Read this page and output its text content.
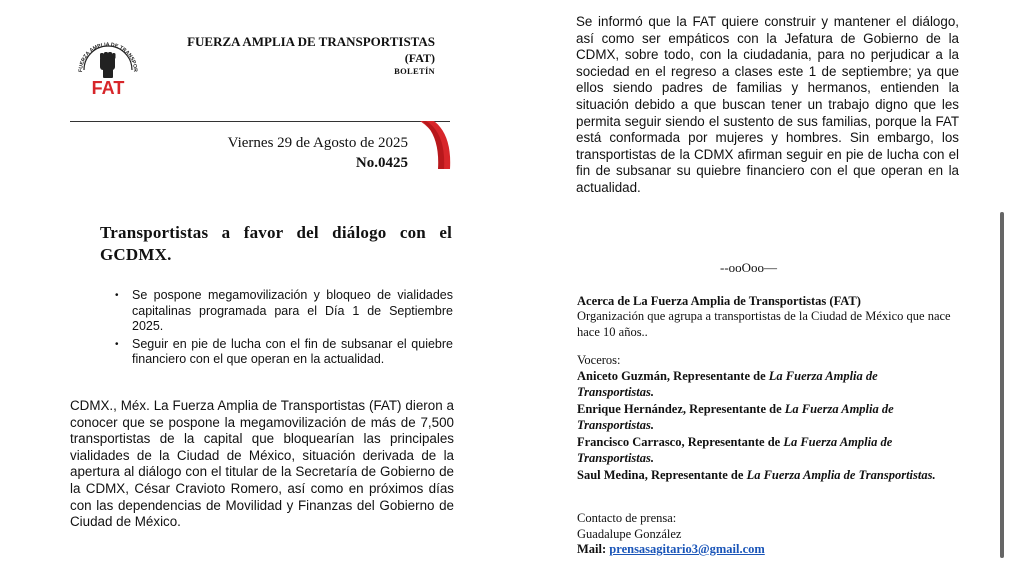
FUERZA AMPLIA DE TRANSPOR
FAT
FUERZA AMPLIA DE TRANSPORTISTAS
(FAT)
BOLETÍN
Viernes 29 de Agosto de 2025
No.0425
Transportistas a favor del diálogo con el GCDMX.
• Se pospone megamovilización y bloqueo de vialidades capitalinas programada para el Día 1 de Septiembre 2025.
• Seguir en pie de lucha con el fin de subsanar el quiebre financiero con el que operan en la actualidad.
CDMX., Méx. La Fuerza Amplia de Transportistas (FAT) dieron a conocer que se pospone la megamovilización de más de 7,500 transportistas de la capital que bloquearían las principales vialidades de la Ciudad de México, situación derivada de la apertura al diálogo con el titular de la Secretaría de Gobierno de la CDMX, César Cravioto Romero, así como en próximos días con las dependencias de Movilidad y Finanzas del Gobierno de Ciudad de México.
Se informó que la FAT quiere construir y mantener el diálogo, así como ser empáticos con la Jefatura de Gobierno de la CDMX, sobre todo, con la ciudadania, para no perjudicar a la sociedad en el regreso a clases este 1 de septiembre; ya que ellos siendo padres de familias y hermanos, entienden la situación debido a que buscan tener un trabajo digno que les permita seguir siendo el sustento de sus familias, porque la FAT está conformada por mujeres y hombres. Sin embargo, los transportistas de la CDMX afirman seguir en pie de lucha con el fin de subsanar su quiebre financiero con el que operan en la actualidad.
--ooOoo—
Acerca de La Fuerza Amplia de Transportistas (FAT)
Organización que agrupa a transportistas de la Ciudad de México que nace hace 10 años..
Voceros:
Aniceto Guzmán, Representante de La Fuerza Amplia de Transportistas.
Enrique Hernández, Representante de La Fuerza Amplia de Transportistas.
Francisco Carrasco, Representante de La Fuerza Amplia de Transportistas.
Saul Medina, Representante de La Fuerza Amplia de Transportistas.
Contacto de prensa:
Guadalupe González
Mail: prensasagitario3@gmail.com
